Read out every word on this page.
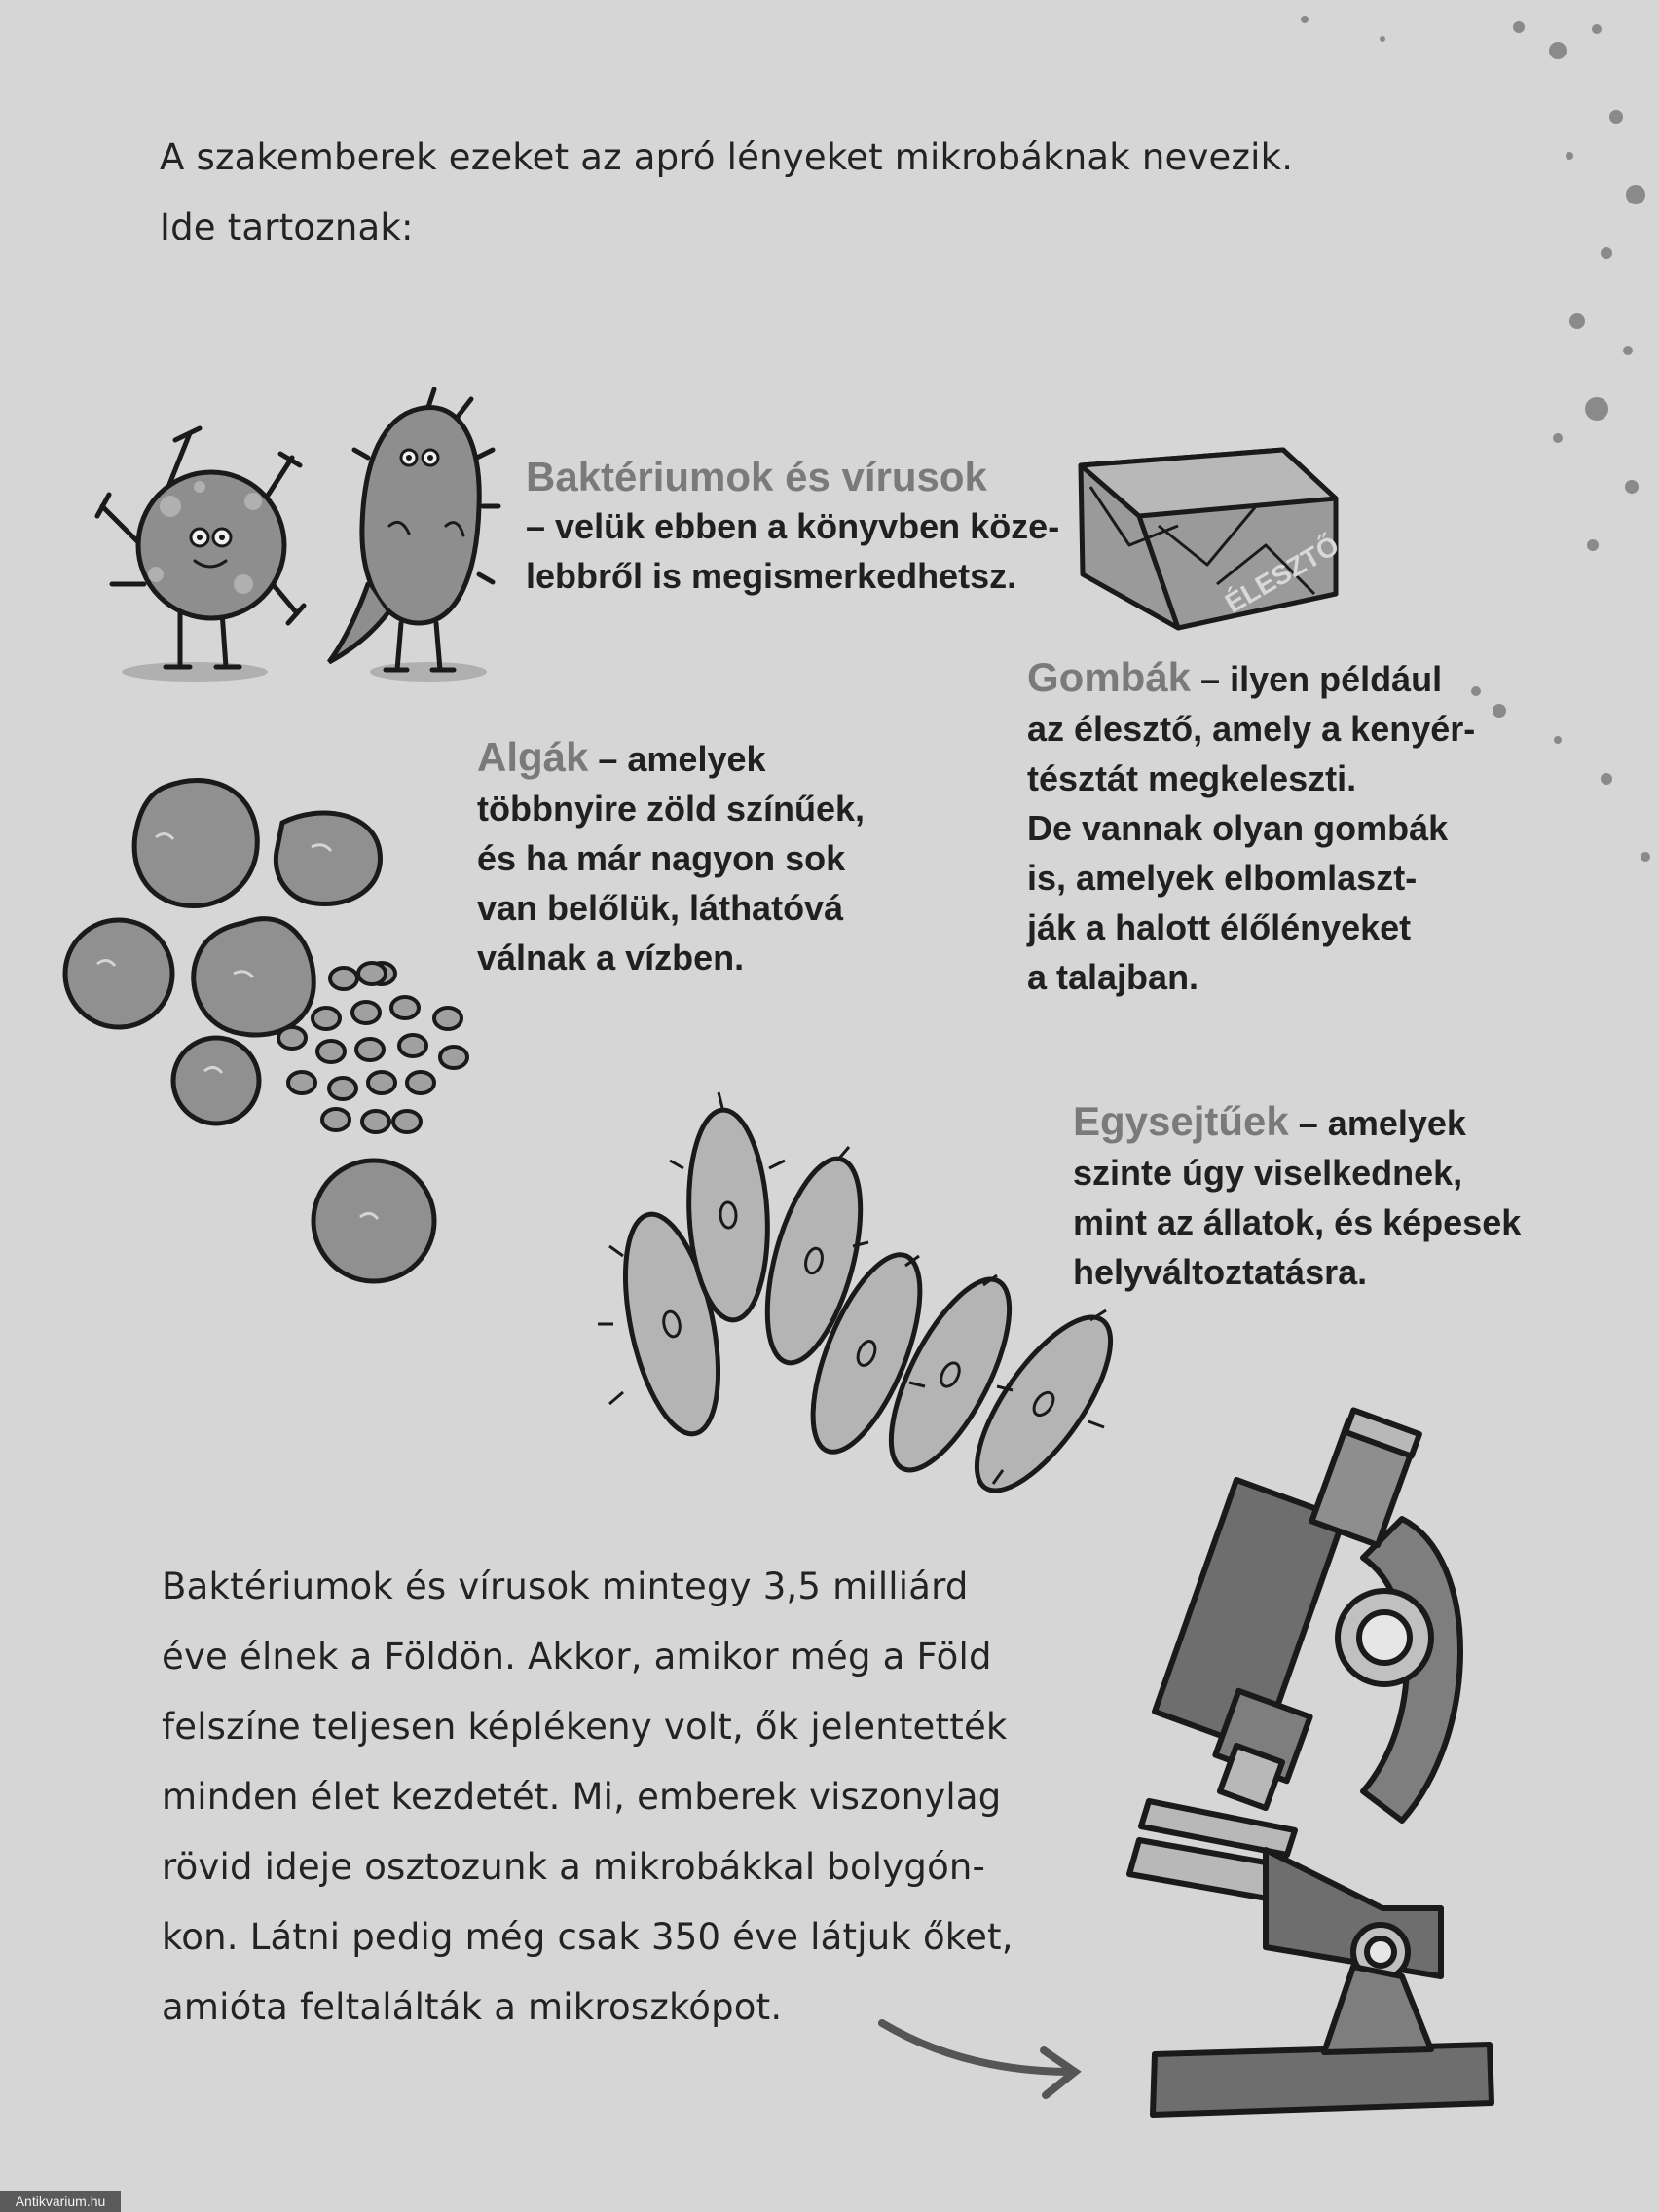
ÉLESZTŐ

A szakemberek ezeket az apró lényeket mikrobáknak nevezik.
Ide tartoznak:

Baktériumok és vírusok
– velük ebben a könyvben köze-
lebbről is megismerkedhetsz.

Gombák – ilyen például
az élesztő, amely a kenyér-
tésztát megkeleszti.
De vannak olyan gombák
is, amelyek elbomlaszt-
ják a halott élőlényeket
a talajban.

Algák – amelyek
többnyire zöld színűek,
és ha már nagyon sok
van belőlük, láthatóvá
válnak a vízben.

Egysejtűek – amelyek
szinte úgy viselkednek,
mint az állatok, és képesek
helyváltoztatásra.

Baktériumok és vírusok mintegy 3,5 milliárd
éve élnek a Földön. Akkor, amikor még a Föld
felszíne teljesen képlékeny volt, ők jelentették
minden élet kezdetét. Mi, emberek viszonylag
rövid ideje osztozunk a mikrobákkal bolygón-
kon. Látni pedig még csak 350 éve látjuk őket,
amióta feltalálták a mikroszkópot.

Antikvarium.hu
